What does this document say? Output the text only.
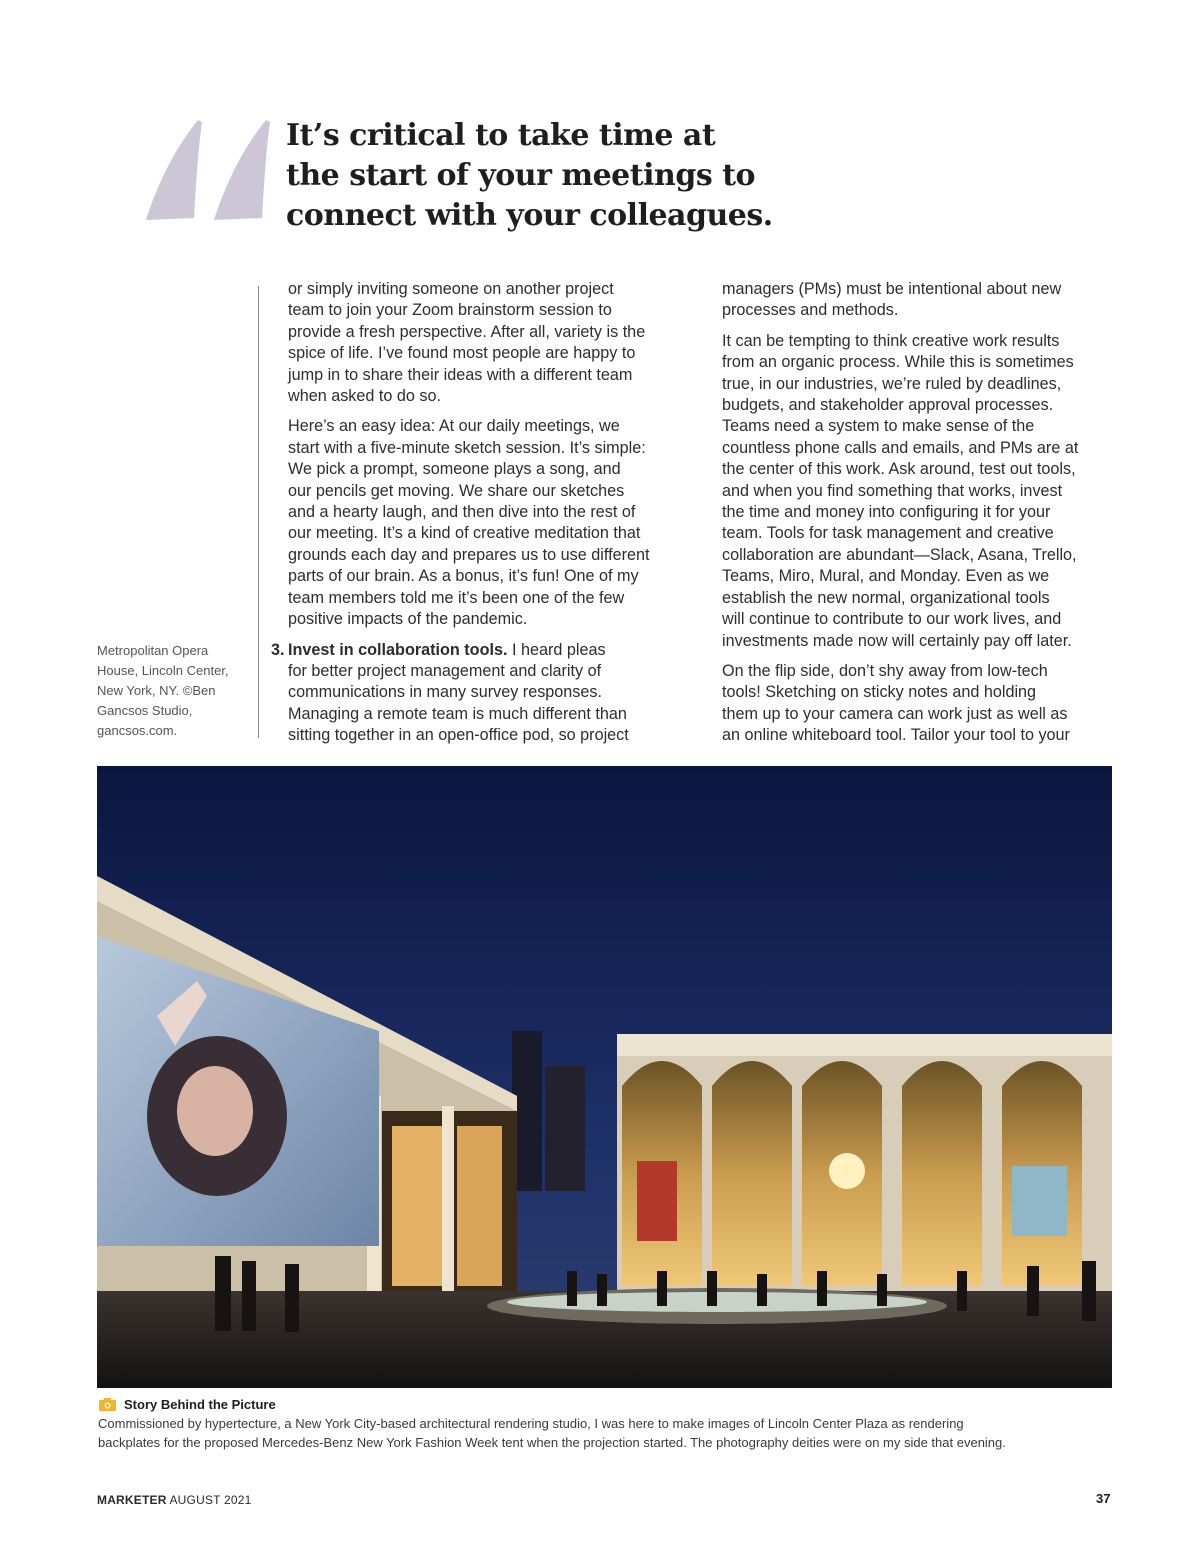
It’s critical to take time at
the start of your meetings to
connect with your colleagues.
Metropolitan Opera
House, Lincoln Center,
New York, NY. ©Ben
Gancsos Studio,
gancsos.com.

or simply inviting someone on another project
team to join your Zoom brainstorm session to
provide a fresh perspective. After all, variety is the
spice of life. I’ve found most people are happy to
jump in to share their ideas with a different team
when asked to do so.

Here’s an easy idea: At our daily meetings, we
start with a five-minute sketch session. It’s simple:
We pick a prompt, someone plays a song, and
our pencils get moving. We share our sketches
and a hearty laugh, and then dive into the rest of
our meeting. It’s a kind of creative meditation that
grounds each day and prepares us to use different
parts of our brain. As a bonus, it’s fun! One of my
team members told me it’s been one of the few
positive impacts of the pandemic.

3. Invest in collaboration tools. I heard pleas
for better project management and clarity of
communications in many survey responses.
Managing a remote team is much different than
sitting together in an open-office pod, so project

managers (PMs) must be intentional about new
processes and methods.

It can be tempting to think creative work results
from an organic process. While this is sometimes
true, in our industries, we’re ruled by deadlines,
budgets, and stakeholder approval processes.
Teams need a system to make sense of the
countless phone calls and emails, and PMs are at
the center of this work. Ask around, test out tools,
and when you find something that works, invest
the time and money into configuring it for your
team. Tools for task management and creative
collaboration are abundant—Slack, Asana, Trello,
Teams, Miro, Mural, and Monday. Even as we
establish the new normal, organizational tools
will continue to contribute to our work lives, and
investments made now will certainly pay off later.

On the flip side, don’t shy away from low-tech
tools! Sketching on sticky notes and holding
them up to your camera can work just as well as
an online whiteboard tool. Tailor your tool to your

Story Behind the Picture
Commissioned by hypertecture, a New York City-based architectural rendering studio, I was here to make images of Lincoln Center Plaza as rendering
backplates for the proposed Mercedes-Benz New York Fashion Week tent when the projection started. The photography deities were on my side that evening.
MARKETER AUGUST 2021	37
